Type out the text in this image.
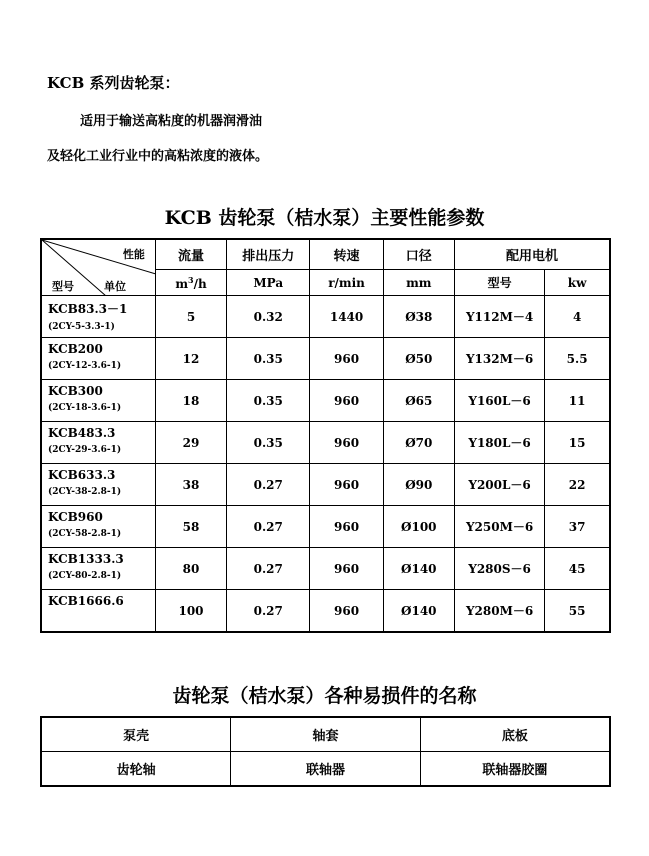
KCB 系列齿轮泵：
适用于输送高粘度的机器润滑油
及轻化工业行业中的高粘浓度的液体。
KCB 齿轮泵（桔水泵）主要性能参数
性能
单位
型号	流量	排出压力	转速	口径	配用电机	
	$m^3/h$	MPa	r/min	mm	型号	kw

KCB83.3－1
(2CY-5-3.3-1)	5	0.32	1440	Ø38	Y112M－4	4

KCB200
(2CY-12-3.6-1)	12	0.35	960	Ø50	Y132M－6	5.5

KCB300
(2CY-18-3.6-1)	18	0.35	960	Ø65	Y160L－6	11

KCB483.3
(2CY-29-3.6-1)	29	0.35	960	Ø70	Y180L－6	15

KCB633.3
(2CY-38-2.8-1)	38	0.27	960	Ø90	Y200L－6	22

KCB960
(2CY-58-2.8-1)	58	0.27	960	Ø100	Y250M－6	37

KCB1333.3
(2CY-80-2.8-1)	80	0.27	960	Ø140	Y280S－6	45

KCB1666.6	100	0.27	960	Ø140	Y280M－6	55
齿轮泵（桔水泵）各种易损件的名称
泵壳	轴套	底板
齿轮轴	联轴器	联轴器胶圈
